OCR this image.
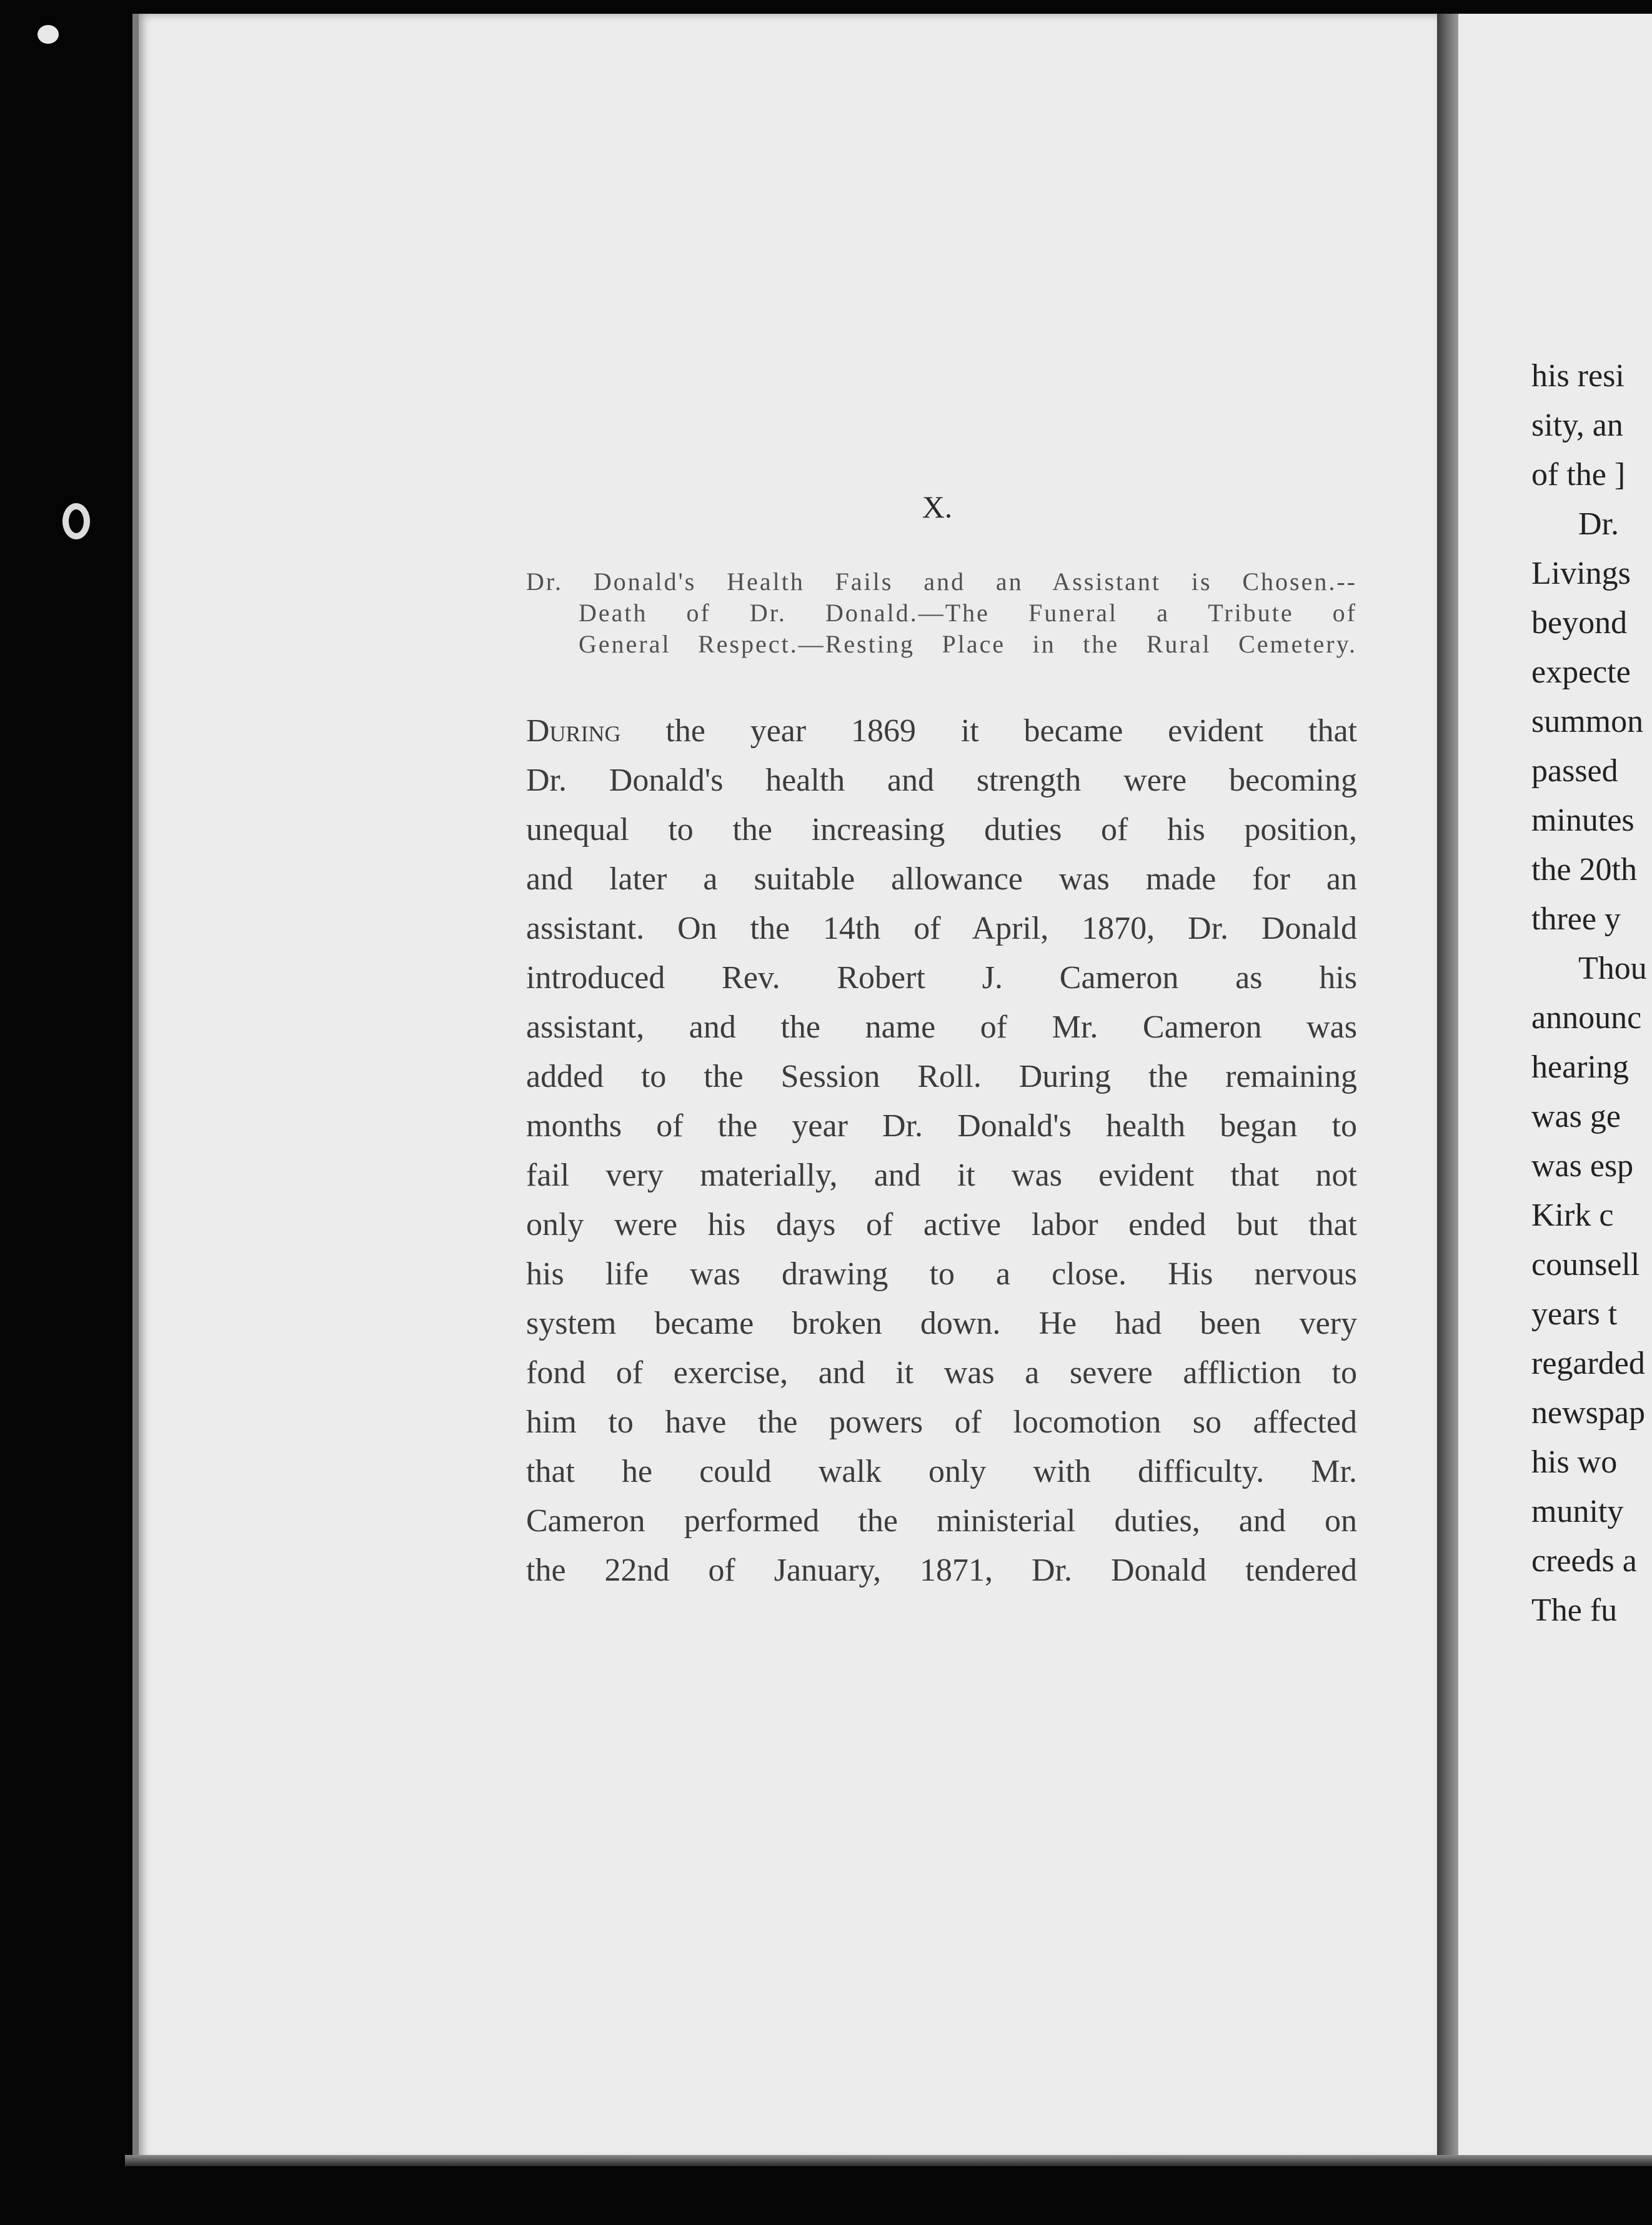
his resi
sity, an
of the ]
Dr.
Livings
beyond
expecte
summon
passed
minutes
the 20th
three y
Thou
announc
hearing
was ge
was esp
Kirk c
counsell
years t
regarded
newspap
his wo
munity
creeds a
The fu
X.
Dr. Donald's Health Fails and an Assistant is Chosen.--
Death of Dr. Donald.—The Funeral a Tribute of
General Respect.—Resting Place in the Rural Cemetery.
During the year 1869 it became evident that
Dr. Donald's health and strength were becoming
unequal to the increasing duties of his position,
and later a suitable allowance was made for an
assistant. On the 14th of April, 1870, Dr. Donald
introduced Rev. Robert J. Cameron as his
assistant, and the name of Mr. Cameron was
added to the Session Roll. During the remaining
months of the year Dr. Donald's health began to
fail very materially, and it was evident that not
only were his days of active labor ended but that
his life was drawing to a close. His nervous
system became broken down. He had been very
fond of exercise, and it was a severe affliction to
him to have the powers of locomotion so affected
that he could walk only with difficulty. Mr.
Cameron performed the ministerial duties, and on
the 22nd of January, 1871, Dr. Donald tendered
